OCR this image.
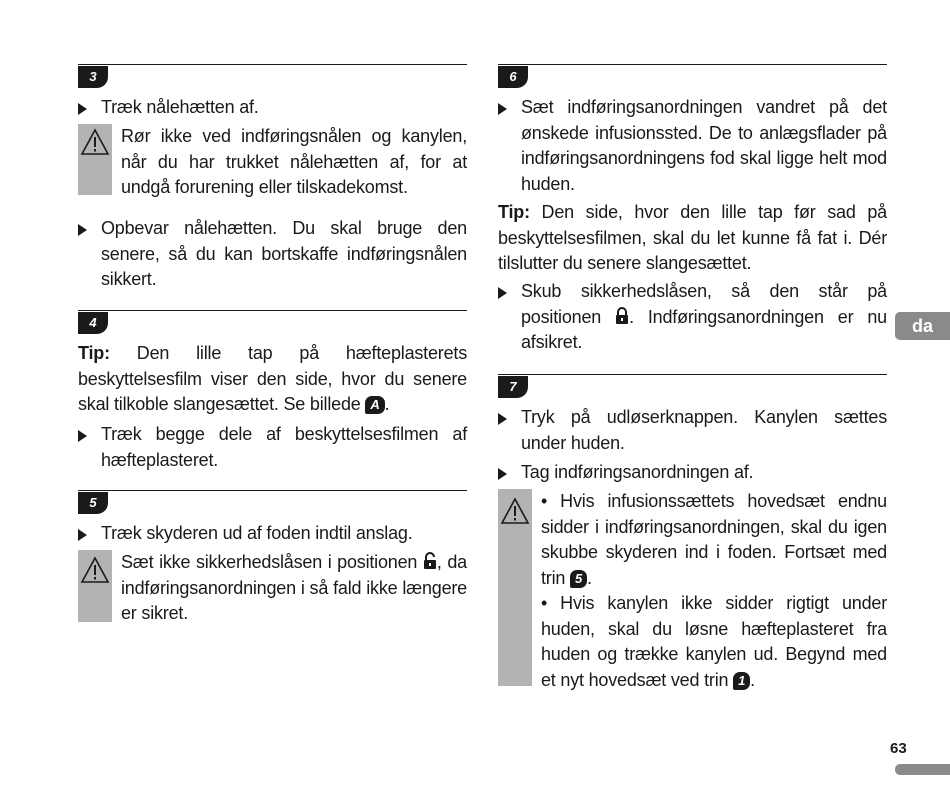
3
Træk nålehætten af.
Rør ikke ved indføringsnålen og kanylen, når du har trukket nålehætten af, for at undgå forurening eller tilskadekomst.
Opbevar nålehætten. Du skal bruge den senere, så du kan bortskaffe indføringsnålen sikkert.
4
Tip: Den lille tap på hæfteplasterets beskyttelsesfilm viser den side, hvor du senere skal tilkoble slangesættet. Se billede A .
Træk begge dele af beskyttelsesfilmen af hæfteplasteret.
5
Træk skyderen ud af foden indtil anslag.
Sæt ikke sikkerhedslåsen i positionen , da indføringsanordningen i så fald ikke længere er sikret.
6
Sæt indføringsanordningen vandret på det ønskede infusionssted. De to anlægsflader på indføringsanordningens fod skal ligge helt mod huden.
Tip: Den side, hvor den lille tap før sad på beskyttelsesfilmen, skal du let kunne få fat i. Dér tilslutter du senere slangesættet.
Skub sikkerhedslåsen, så den står på positionen . Indføringsanordningen er nu afsikret.
7
Tryk på udløserknappen. Kanylen sættes under huden.
Tag indføringsanordningen af.
• Hvis infusionssættets hovedsæt endnu sidder i indføringsanordningen, skal du igen skubbe skyderen ind i foden. Fortsæt med trin 5 .
• Hvis kanylen ikke sidder rigtigt under huden, skal du løsne hæfteplasteret fra huden og trække kanylen ud. Begynd med et nyt hovedsæt ved trin 1 .
da
63
